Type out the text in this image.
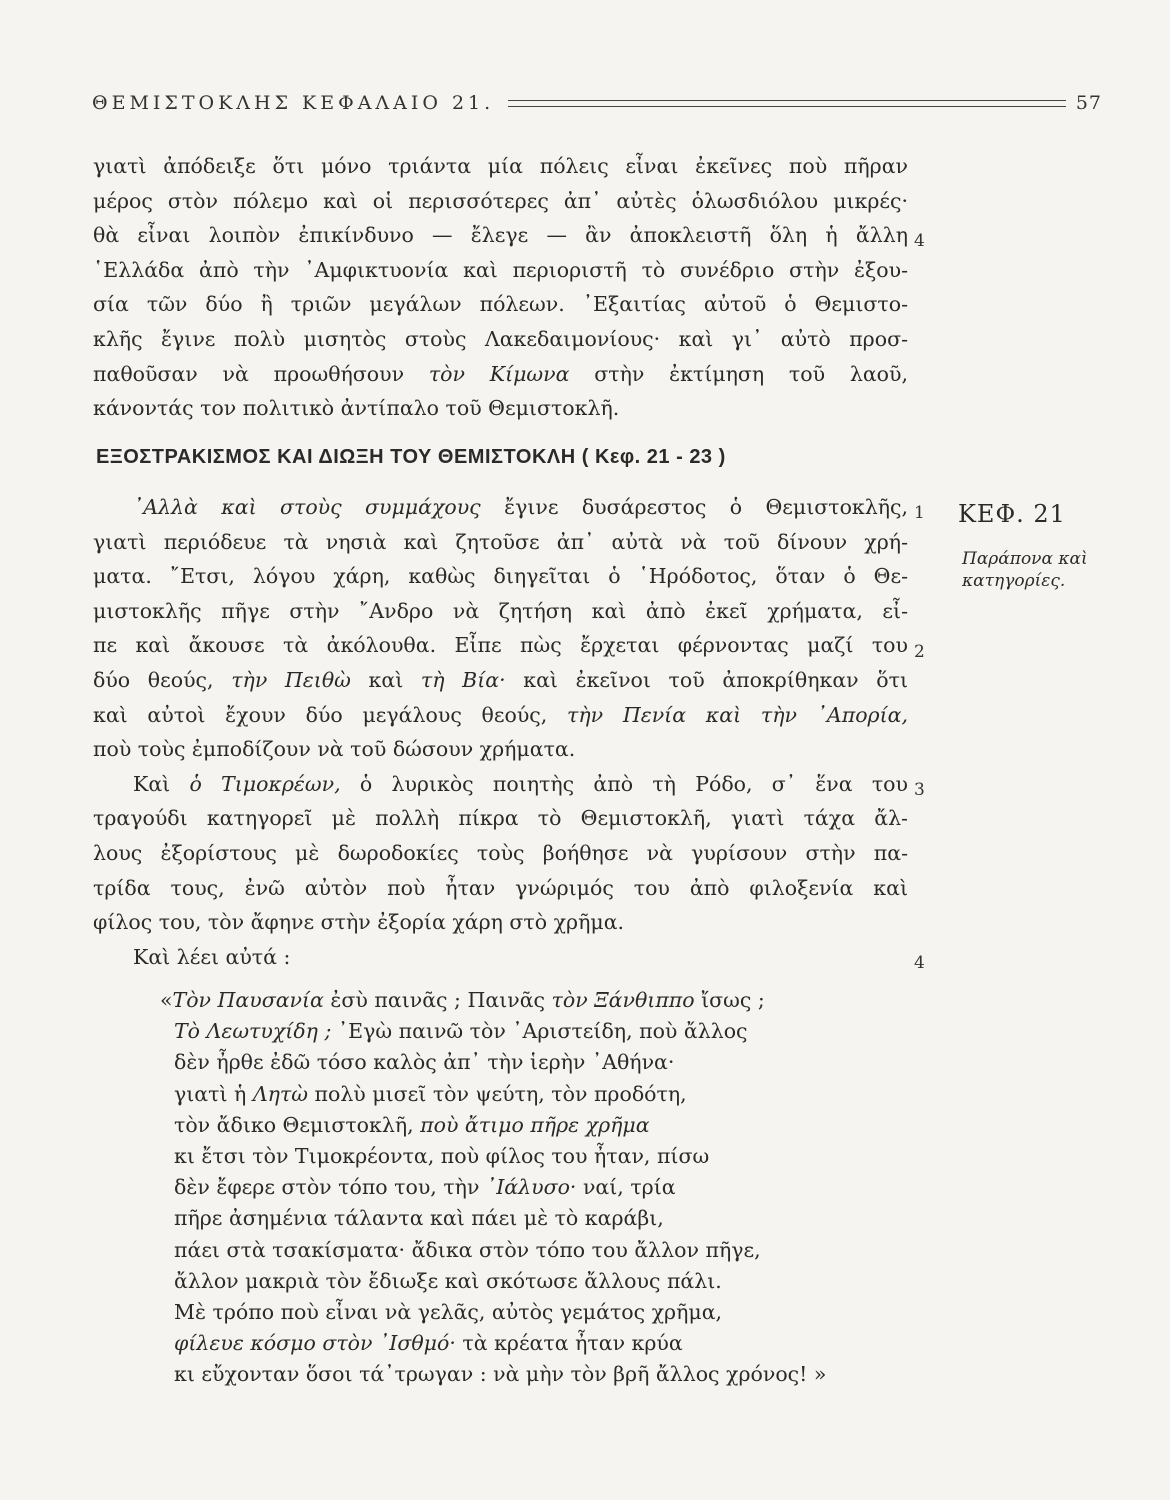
ΘΕΜΙΣΤΟΚΛΗΣ ΚΕΦΑΛΑΙΟ 21.	57
γιατὶ ἀπόδειξε ὅτι μόνο τριάντα μία πόλεις εἶναι ἐκεῖνες ποὺ πῆραν
μέρος στὸν πόλεμο καὶ οἱ περισσότερες ἀπ᾽ αὐτὲς ὁλωσδιόλου μικρές·
θὰ εἶναι λοιπὸν ἐπικίνδυνο — ἔλεγε — ἂν ἀποκλειστῆ ὅλη ἡ ἄλλη
῾Ελλάδα ἀπὸ τὴν ᾽Αμφικτυονία καὶ περιοριστῆ τὸ συνέδριο στὴν ἐξου-
σία τῶν δύο ἢ τριῶν μεγάλων πόλεων. ᾽Εξαιτίας αὐτοῦ ὁ Θεμιστο-
κλῆς ἔγινε πολὺ μισητὸς στοὺς Λακεδαιμονίους· καὶ γι᾽ αὐτὸ προσ-
παθοῦσαν νὰ προωθήσουν τὸν Κίμωνα στὴν ἐκτίμηση τοῦ λαοῦ,
κάνοντάς τον πολιτικὸ ἀντίπαλο τοῦ Θεμιστοκλῆ.
4
ΕΞΟΣΤΡΑΚΙΣΜΟΣ ΚΑΙ ΔΙΩΞΗ ΤΟΥ ΘΕΜΙΣΤΟΚΛΗ ( Κεφ. 21 - 23 )
ΚΕΦ. 21
Παράπονα καὶ
κατηγορίες.
᾽Αλλὰ καὶ στοὺς συμμάχους ἔγινε δυσάρεστος ὁ Θεμιστοκλῆς,
γιατὶ περιόδευε τὰ νησιὰ καὶ ζητοῦσε ἀπ᾽ αὐτὰ νὰ τοῦ δίνουν χρή-
ματα. ῎Ετσι, λόγου χάρη, καθὼς διηγεῖται ὁ ῾Ηρόδοτος, ὅταν ὁ Θε-
μιστοκλῆς πῆγε στὴν ῎Ανδρο νὰ ζητήση καὶ ἀπὸ ἐκεῖ χρήματα, εἶ-
πε καὶ ἄκουσε τὰ ἀκόλουθα. Εἶπε πὼς ἔρχεται φέρνοντας μαζί του
δύο θεούς, τὴν Πειθὼ καὶ τὴ Βία· καὶ ἐκεῖνοι τοῦ ἀποκρίθηκαν ὅτι
καὶ αὐτοὶ ἔχουν δύο μεγάλους θεούς, τὴν Πενία καὶ τὴν ᾽Απορία,
ποὺ τοὺς ἐμποδίζουν νὰ τοῦ δώσουν χρήματα.
Καὶ ὁ Τιμοκρέων, ὁ λυρικὸς ποιητὴς ἀπὸ τὴ Ρόδο, σ᾽ ἕνα του
τραγούδι κατηγορεῖ μὲ πολλὴ πίκρα τὸ Θεμιστοκλῆ, γιατὶ τάχα ἄλ-
λους ἐξορίστους μὲ δωροδοκίες τοὺς βοήθησε νὰ γυρίσουν στὴν πα-
τρίδα τους, ἐνῶ αὐτὸν ποὺ ἦταν γνώριμός του ἀπὸ φιλοξενία καὶ
φίλος του, τὸν ἄφηνε στὴν ἐξορία χάρη στὸ χρῆμα.
Καὶ λέει αὐτά :
1
2
3
4
«Τὸν Παυσανία ἐσὺ παινᾶς ; Παινᾶς τὸν Ξάνθιππο ἴσως ;
Τὸ Λεωτυχίδη ; ᾽Εγὼ παινῶ τὸν ᾽Αριστείδη, ποὺ ἄλλος
δὲν ἦρθε ἐδῶ τόσο καλὸς ἀπ᾽ τὴν ἱερὴν ᾽Αθήνα·
γιατὶ ἡ Λητὼ πολὺ μισεῖ τὸν ψεύτη, τὸν προδότη,
τὸν ἄδικο Θεμιστοκλῆ, ποὺ ἄτιμο πῆρε χρῆμα
κι ἔτσι τὸν Τιμοκρέοντα, ποὺ φίλος του ἦταν, πίσω
δὲν ἔφερε στὸν τόπο του, τὴν ᾽Ιάλυσο· ναί, τρία
πῆρε ἀσημένια τάλαντα καὶ πάει μὲ τὸ καράβι,
πάει στὰ τσακίσματα· ἄδικα στὸν τόπο του ἄλλον πῆγε,
ἄλλον μακριὰ τὸν ἔδιωξε καὶ σκότωσε ἄλλους πάλι.
Μὲ τρόπο ποὺ εἶναι νὰ γελᾶς, αὐτὸς γεμάτος χρῆμα,
φίλευε κόσμο στὸν ᾽Ισθμό· τὰ κρέατα ἦταν κρύα
κι εὔχονταν ὅσοι τά᾽τρωγαν : νὰ μὴν τὸν βρῆ ἄλλος χρόνος! »
